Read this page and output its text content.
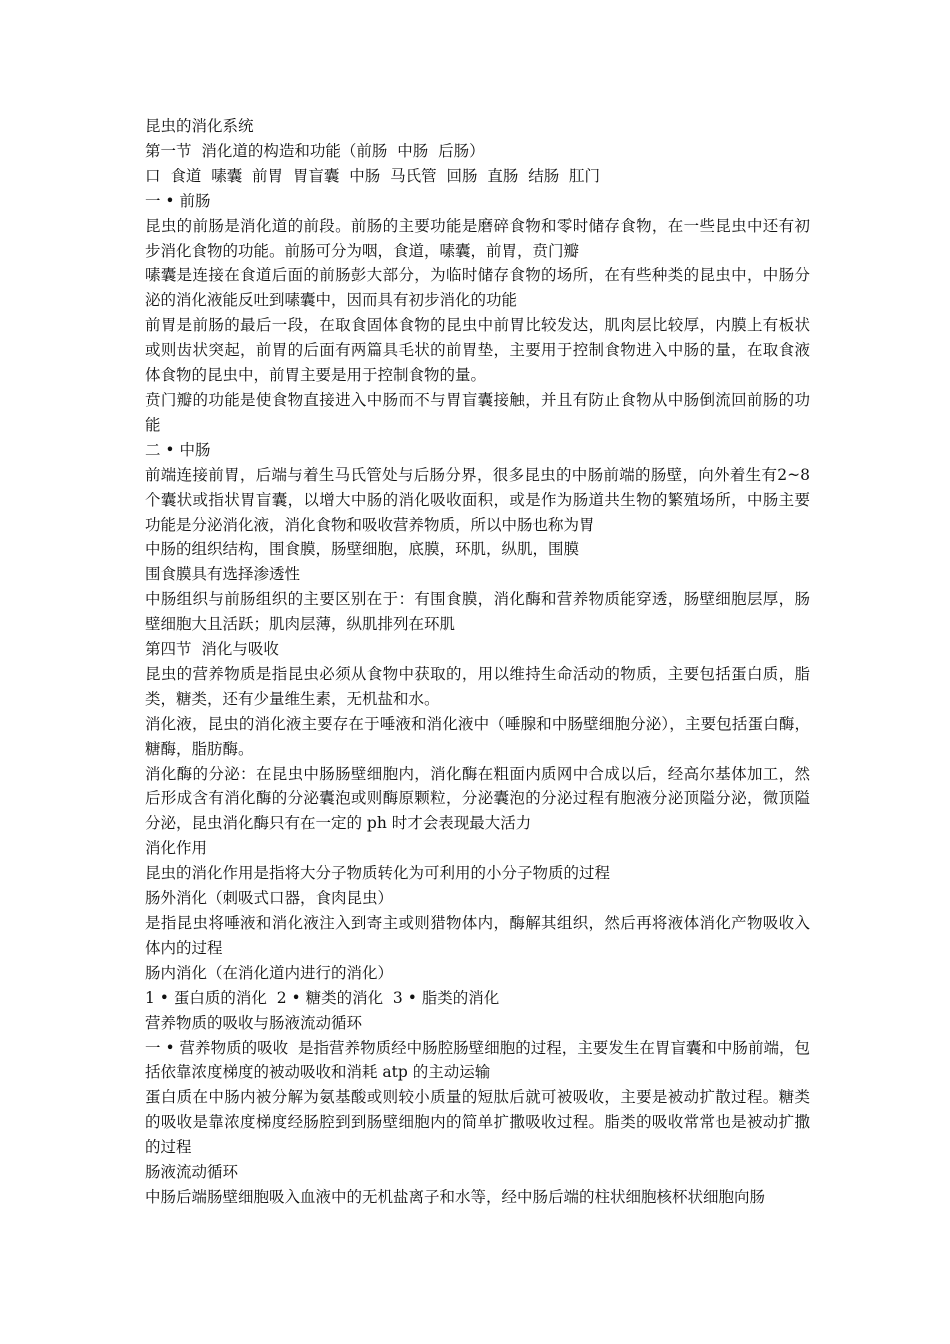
昆虫的消化系统

第一节  消化道的构造和功能（前肠  中肠  后肠）

口  食道  嗉囊  前胃  胃盲囊  中肠  马氏管  回肠  直肠  结肠  肛门

一 • 前肠

昆虫的前肠是消化道的前段。前肠的主要功能是磨碎食物和零时储存食物，在一些昆虫中还有初步消化食物的功能。前肠可分为咽，食道，嗉囊，前胃，贲门瓣

嗉囊是连接在食道后面的前肠彭大部分，为临时储存食物的场所，在有些种类的昆虫中，中肠分泌的消化液能反吐到嗉囊中，因而具有初步消化的功能

前胃是前肠的最后一段，在取食固体食物的昆虫中前胃比较发达，肌肉层比较厚，内膜上有板状或则齿状突起，前胃的后面有两篇具毛状的前胃垫，主要用于控制食物进入中肠的量，在取食液体食物的昆虫中，前胃主要是用于控制食物的量。

贲门瓣的功能是使食物直接进入中肠而不与胃盲囊接触，并且有防止食物从中肠倒流回前肠的功能

二 • 中肠

前端连接前胃，后端与着生马氏管处与后肠分界，很多昆虫的中肠前端的肠壁，向外着生有2~8 个囊状或指状胃盲囊，以增大中肠的消化吸收面积，或是作为肠道共生物的繁殖场所，中肠主要功能是分泌消化液，消化食物和吸收营养物质，所以中肠也称为胃

中肠的组织结构，围食膜，肠壁细胞，底膜，环肌，纵肌，围膜

围食膜具有选择渗透性

中肠组织与前肠组织的主要区别在于：有围食膜，消化酶和营养物质能穿透，肠壁细胞层厚，肠壁细胞大且活跃；肌肉层薄，纵肌排列在环肌

第四节  消化与吸收

昆虫的营养物质是指昆虫必须从食物中获取的，用以维持生命活动的物质，主要包括蛋白质，脂类，糖类，还有少量维生素，无机盐和水。

消化液，昆虫的消化液主要存在于唾液和消化液中（唾腺和中肠壁细胞分泌），主要包括蛋白酶，糖酶，脂肪酶。

消化酶的分泌：在昆虫中肠肠壁细胞内，消化酶在粗面内质网中合成以后，经高尔基体加工，然后形成含有消化酶的分泌囊泡或则酶原颗粒，分泌囊泡的分泌过程有胞液分泌顶隘分泌，微顶隘分泌，昆虫消化酶只有在一定的 ph 时才会表现最大活力

消化作用

昆虫的消化作用是指将大分子物质转化为可利用的小分子物质的过程

肠外消化（刺吸式口器，食肉昆虫）

是指昆虫将唾液和消化液注入到寄主或则猎物体内，酶解其组织，然后再将液体消化产物吸收入体内的过程

肠内消化（在消化道内进行的消化）

1 • 蛋白质的消化  2 • 糖类的消化  3 • 脂类的消化

营养物质的吸收与肠液流动循环

一 • 营养物质的吸收  是指营养物质经中肠腔肠壁细胞的过程，主要发生在胃盲囊和中肠前端，包括依靠浓度梯度的被动吸收和消耗 atp 的主动运输

蛋白质在中肠内被分解为氨基酸或则较小质量的短肽后就可被吸收，主要是被动扩散过程。糖类的吸收是靠浓度梯度经肠腔到到肠壁细胞内的简单扩撒吸收过程。脂类的吸收常常也是被动扩撒的过程

肠液流动循环

中肠后端肠壁细胞吸入血液中的无机盐离子和水等，经中肠后端的柱状细胞核杯状细胞向肠
